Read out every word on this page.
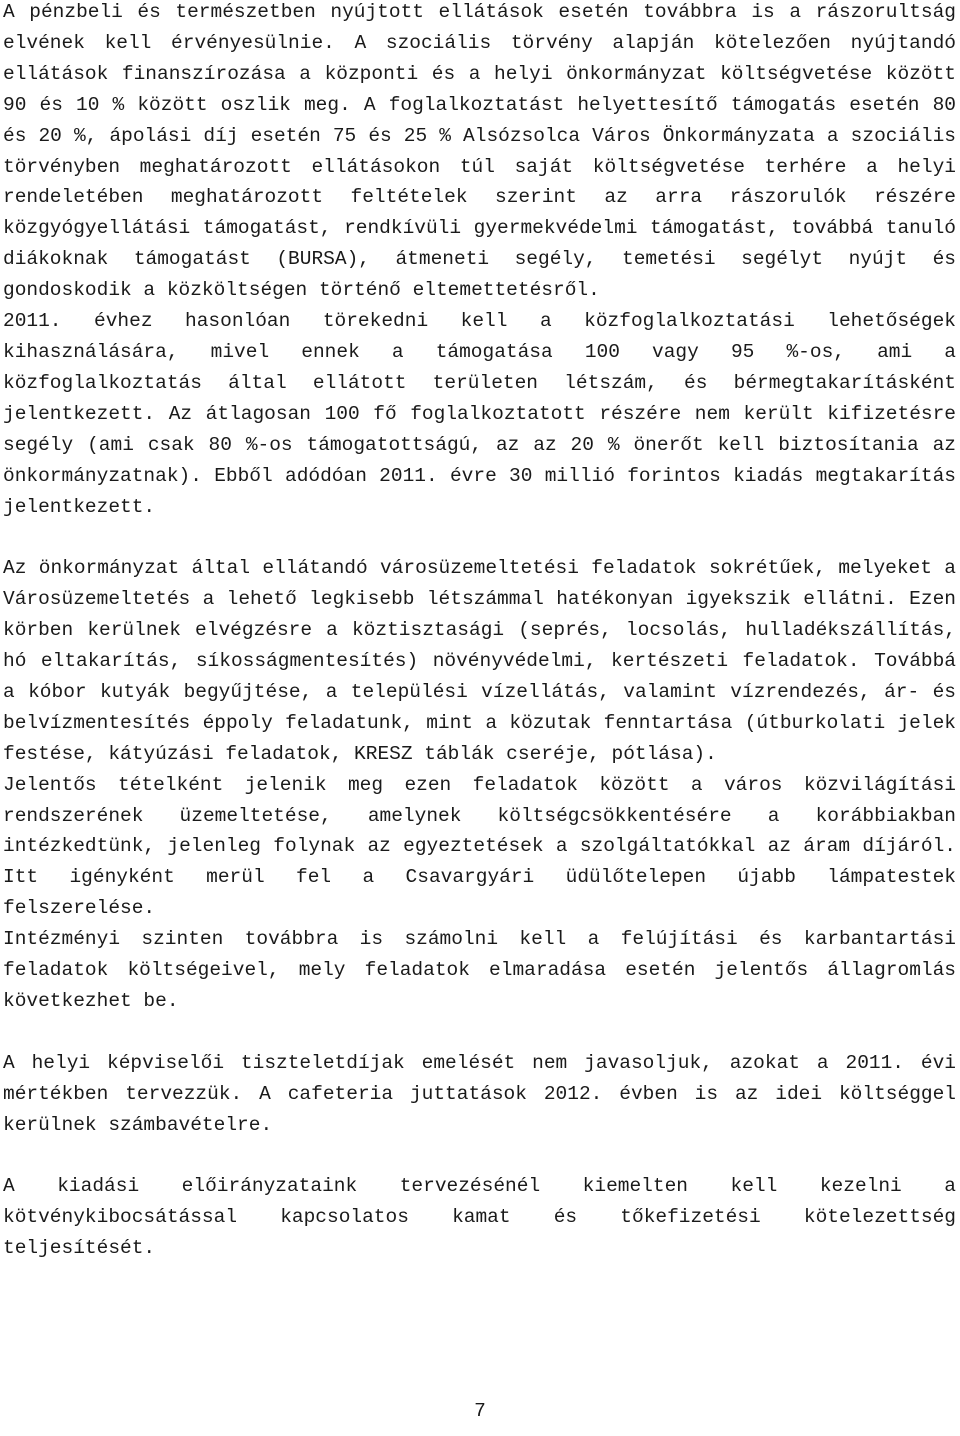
A pénzbeli és természetben nyújtott ellátások esetén továbbra is a rászorultság elvének kell érvényesülnie. A szociális törvény alapján kötelezően nyújtandó ellátások finanszírozása a központi és a helyi önkormányzat költségvetése között 90 és 10 % között oszlik meg. A foglalkoztatást helyettesítő támogatás esetén 80 és 20 %, ápolási díj esetén 75 és 25 % Alsózsolca Város Önkormányzata a szociális törvényben meghatározott ellátásokon túl saját költségvetése terhére a helyi rendeletében meghatározott feltételek szerint az arra rászorulók részére közgyógyellátási támogatást, rendkívüli gyermekvédelmi támogatást, továbbá tanuló diákoknak támogatást (BURSA), átmeneti segély, temetési segélyt nyújt és gondoskodik a közköltségen történő eltemettetésről.

2011. évhez hasonlóan törekedni kell a közfoglalkoztatási lehetőségek kihasználására, mivel ennek a támogatása 100 vagy 95 %-os, ami a közfoglalkoztatás által ellátott területen létszám, és bérmegtakarításként jelentkezett. Az átlagosan 100 fő foglalkoztatott részére nem került kifizetésre segély (ami csak 80 %-os támogatottságú, az az 20 % önerőt kell biztosítania az önkormányzatnak). Ebből adódóan 2011. évre 30 millió forintos kiadás megtakarítás jelentkezett.

Az önkormányzat által ellátandó városüzemeltetési feladatok sokrétűek, melyeket a Városüzemeltetés a lehető legkisebb létszámmal hatékonyan igyekszik ellátni. Ezen körben kerülnek elvégzésre a köztisztasági (seprés, locsolás, hulladékszállítás, hó eltakarítás, síkosságmentesítés) növényvédelmi, kertészeti feladatok. Továbbá a kóbor kutyák begyűjtése, a települési vízellátás, valamint vízrendezés, ár- és belvízmentesítés éppoly feladatunk, mint a közutak fenntartása (útburkolati jelek festése, kátyúzási feladatok, KRESZ táblák cseréje, pótlása).

Jelentős tételként jelenik meg ezen feladatok között a város közvilágítási rendszerének üzemeltetése, amelynek költségcsökkentésére a korábbiakban intézkedtünk, jelenleg folynak az egyeztetések a szolgáltatókkal az áram díjáról. Itt igényként merül fel a Csavargyári üdülőtelepen újabb lámpatestek felszerelése.

Intézményi szinten továbbra is számolni kell a felújítási és karbantartási feladatok költségeivel, mely feladatok elmaradása esetén jelentős állagromlás következhet be.

A helyi képviselői tiszteletdíjak emelését nem javasoljuk, azokat a 2011. évi mértékben tervezzük. A cafeteria juttatások 2012. évben is az idei költséggel kerülnek számbavételre.

A kiadási előirányzataink tervezésénél kiemelten kell kezelni a kötvénykibocsátással kapcsolatos kamat és tőkefizetési kötelezettség teljesítését.

7
